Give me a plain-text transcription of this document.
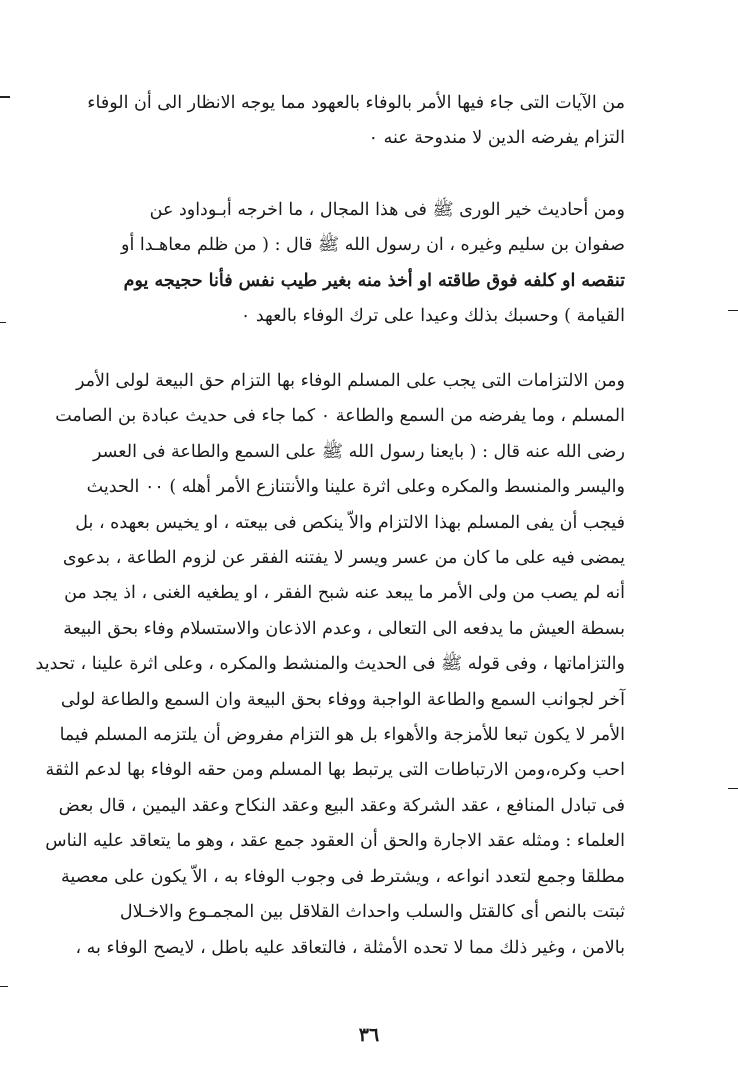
من الآيات التى جاء فيها الأمر بالوفاء بالعهود مما يوجه الانظار الى أن الوفاء
التزام يفرضه الدين لا مندوحة عنه ٠
ومن أحاديث خير الورى ﷺ فى هذا المجال ، ما اخرجه أبـوداود عن
صفوان بن سليم وغيره ، ان رسول الله ﷺ قال : ( من ظلم معاهـدا أو
تنقصه او كلفه فوق طاقته او أخذ منه بغير طيب نفس فأنا حجيجه يوم
القيامة ) وحسبك بذلك وعيدا على ترك الوفاء بالعهد ٠
ومن الالتزامات التى يجب على المسلم الوفاء بها التزام حق البيعة لولى الأمر
المسلم ، وما يفرضه من السمع والطاعة ٠ كما جاء فى حديث عبادة بن الصامت
رضى الله عنه قال : ( بايعنا رسول الله ﷺ على السمع والطاعة فى العسر
واليسر والمنسط والمكره وعلى اثرة علينا والأنتنازع الأمر أهله ) ٠٠ الحديث
فيجب أن يفى المسلم بهذا الالتزام والاّ ينكص فى بيعته ، او يخيس بعهده ، بل
يمضى فيه على ما كان من عسر ويسر لا يفتنه الفقر عن لزوم الطاعة ، بدعوى
أنه لم يصب من ولى الأمر ما يبعد عنه شبح الفقر ، او يطغيه الغنى ، اذ يجد من
بسطة العيش ما يدفعه الى التعالى ، وعدم الاذعان والاستسلام وفاء بحق البيعة
والتزاماتها ، وفى قوله ﷺ فى الحديث والمنشط والمكره ، وعلى اثرة علينا ، تحديد
آخر لجوانب السمع والطاعة الواجبة ووفاء بحق البيعة وان السمع والطاعة لولى
الأمر لا يكون تبعا للأمزجة والأهواء بل هو التزام مفروض أن يلتزمه المسلم فيما
احب وكره،ومن الارتباطات التى يرتبط بها المسلم ومن حقه الوفاء بها لدعم الثقة
فى تبادل المنافع ، عقد الشركة وعقد البيع وعقد النكاح وعقد اليمين ، قال بعض
العلماء : ومثله عقد الاجارة والحق أن العقود جمع عقد ، وهو ما يتعاقد عليه الناس
مطلقا وجمع لتعدد انواعه ، ويشترط فى وجوب الوفاء به ، الاّ يكون على معصية
ثبتت بالنص أى كالقتل والسلب واحداث القلاقل بين المجمـوع والاخـلال
بالامن ، وغير ذلك مما لا تحده الأمثلة ، فالتعاقد عليه باطل ، لايصح الوفاء به ،
٣٦
